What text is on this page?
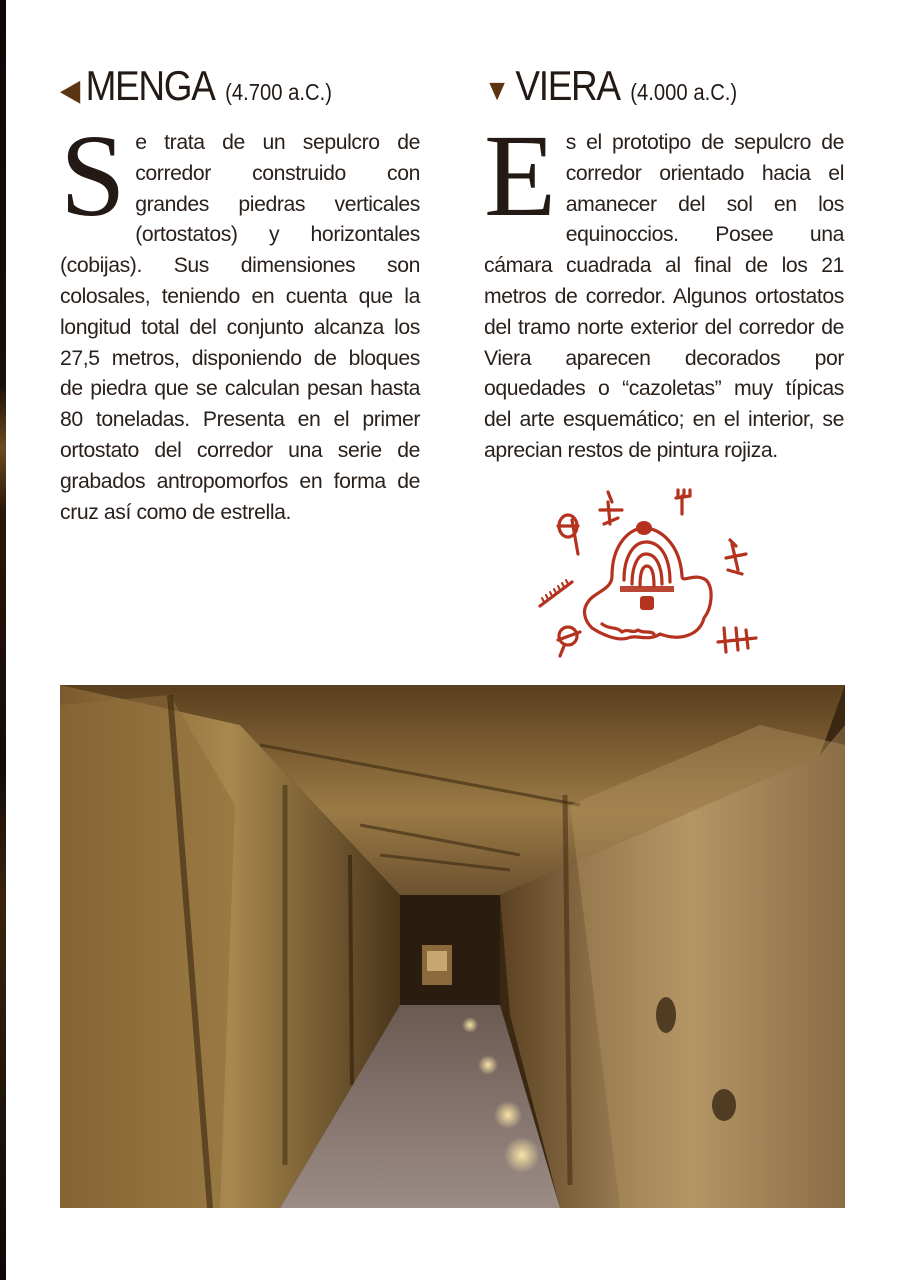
◀ MENGA (4.700 a.C.)

Se trata de un sepulcro de corredor construido con grandes piedras verticales (ortostatos) y horizontales (cobijas). Sus dimensiones son colosales, teniendo en cuenta que la longitud total del conjunto alcanza los 27,5 metros, disponiendo de bloques de piedra que se calculan pesan hasta 80 toneladas. Presenta en el primer ortostato del corredor una serie de grabados antropomorfos en forma de cruz así como de estrella.

▼ VIERA (4.000 a.C.)

Es el prototipo de sepulcro de corredor orientado hacia el amanecer del sol en los equinoccios. Posee una cámara cuadrada al final de los 21 metros de corredor. Algunos ortostatos del tramo norte exterior del corredor de Viera aparecen decorados por oquedades o “cazoletas” muy típicas del arte esquemático; en el interior, se aprecian restos de pintura rojiza.
